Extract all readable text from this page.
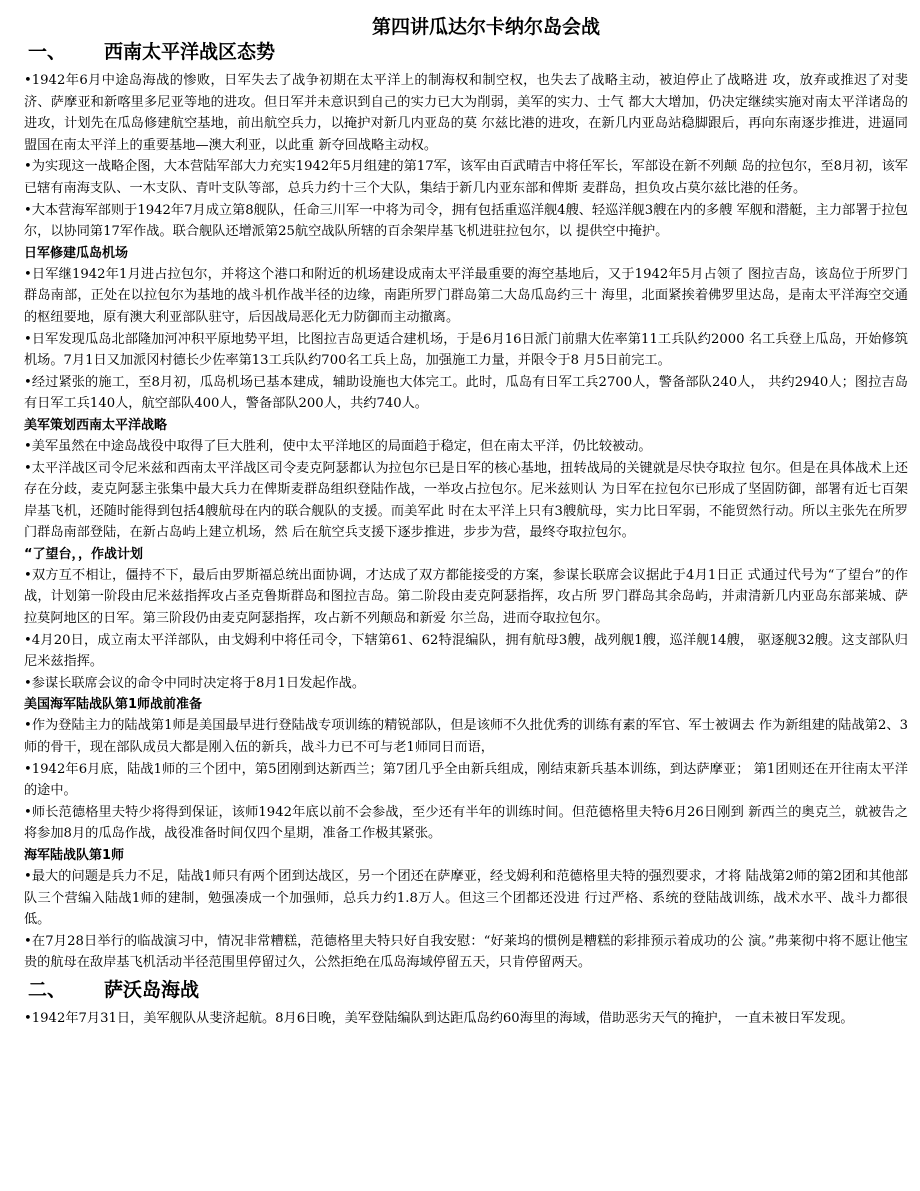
第四讲瓜达尔卡纳尔岛会战
一、	西南太平洋战区态势

•1942年6月中途岛海战的惨败，日军失去了战争初期在太平洋上的制海权和制空权，也失去了战略主动，被迫停止了战略进 攻，放弃或推迟了对斐济、萨摩亚和新喀里多尼亚等地的进攻。但日军并未意识到自己的实力已大为削弱，美军的实力、士气 都大大增加，仍决定继续实施对南太平洋诸岛的进攻，计划先在瓜岛修建航空基地，前出航空兵力，以掩护对新几内亚岛的莫 尔兹比港的进攻，在新几内亚岛站稳脚跟后，再向东南逐步推进，进逼同盟国在南太平洋上的重要基地—澳大利亚，以此重 新夺回战略主动权。

•为实现这一战略企图，大本营陆军部大力充实1942年5月组建的第17军，该军由百武晴吉中将任军长，军部设在新不列颠 岛的拉包尔，至8月初，该军已辖有南海支队、一木支队、青叶支队等部，总兵力约十三个大队，集结于新几内亚东部和俾斯 麦群岛，担负攻占莫尔兹比港的任务。

•大本营海军部则于1942年7月成立第8舰队，任命三川军一中将为司令，拥有包括重巡洋舰4艘、轻巡洋舰3艘在内的多艘 军舰和潜艇，主力部署于拉包尔，以协同第17军作战。联合舰队还增派第25航空战队所辖的百余架岸基飞机进驻拉包尔，以 提供空中掩护。

日军修建瓜岛机场

•日军继1942年1月进占拉包尔，并将这个港口和附近的机场建设成南太平洋最重要的海空基地后，又于1942年5月占领了 图拉吉岛，该岛位于所罗门群岛南部，正处在以拉包尔为基地的战斗机作战半径的边缘，南距所罗门群岛第二大岛瓜岛约三十 海里，北面紧挨着佛罗里达岛，是南太平洋海空交通的枢纽要地，原有澳大利亚部队驻守，后因战局恶化无力防御而主动撤离。

•日军发现瓜岛北部隆加河冲积平原地势平坦，比图拉吉岛更适合建机场，于是6月16日派门前鼎大佐率第11工兵队约2000 名工兵登上瓜岛，开始修筑机场。7月1日又加派冈村德长少佐率第13工兵队约700名工兵上岛，加强施工力量，并限令于8 月5日前完工。

•经过紧张的施工，至8月初，瓜岛机场已基本建成，辅助设施也大体完工。此时，瓜岛有日军工兵2700人，警备部队240人， 共约2940人；图拉吉岛有日军工兵140人，航空部队400人，警备部队200人，共约740人。

美军策划西南太平洋战略

•美军虽然在中途岛战役中取得了巨大胜利，使中太平洋地区的局面趋于稳定，但在南太平洋，仍比较被动。

•太平洋战区司令尼米兹和西南太平洋战区司令麦克阿瑟都认为拉包尔已是日军的核心基地，扭转战局的关键就是尽快夺取拉 包尔。但是在具体战术上还存在分歧，麦克阿瑟主张集中最大兵力在俾斯麦群岛组织登陆作战，一举攻占拉包尔。尼米兹则认 为日军在拉包尔已形成了坚固防御，部署有近七百架岸基飞机，还随时能得到包括4艘航母在内的联合舰队的支援。而美军此 时在太平洋上只有3艘航母，实力比日军弱，不能贸然行动。所以主张先在所罗门群岛南部登陆，在新占岛屿上建立机场，然 后在航空兵支援下逐步推进，步步为营，最终夺取拉包尔。

“了望台，，作战计划

•双方互不相让，僵持不下，最后由罗斯福总统出面协调，才达成了双方都能接受的方案，参谋长联席会议据此于4月1日正 式通过代号为“了望台”的作战，计划第一阶段由尼米兹指挥攻占圣克鲁斯群岛和图拉吉岛。第二阶段由麦克阿瑟指挥，攻占所 罗门群岛其余岛屿，并肃清新几内亚岛东部莱城、萨拉莫阿地区的日军。第三阶段仍由麦克阿瑟指挥，攻占新不列颠岛和新爱 尔兰岛，进而夺取拉包尔。

•4月20日，成立南太平洋部队，由戈姆利中将任司令，下辖第61、62特混编队，拥有航母3艘，战列舰1艘，巡洋舰14艘， 驱逐舰32艘。这支部队归尼米兹指挥。

•参谋长联席会议的命令中同时决定将于8月1日发起作战。

美国海军陆战队第1师战前准备

•作为登陆主力的陆战第1师是美国最早进行登陆战专项训练的精锐部队，但是该师不久批优秀的训练有素的军官、军士被调去 作为新组建的陆战第2、3师的骨干，现在部队成员大都是刚入伍的新兵，战斗力已不可与老1师同日而语，

•1942年6月底，陆战1师的三个团中，第5团刚到达新西兰；第7团几乎全由新兵组成，刚结束新兵基本训练，到达萨摩亚； 第1团则还在开往南太平洋的途中。

•师长范德格里夫特少将得到保证，该师1942年底以前不会参战，至少还有半年的训练时间。但范德格里夫特6月26日刚到 新西兰的奥克兰，就被告之将参加8月的瓜岛作战，战役准备时间仅四个星期，准备工作极其紧张。

海军陆战队第1师

•最大的问题是兵力不足，陆战1师只有两个团到达战区，另一个团还在萨摩亚，经戈姆利和范德格里夫特的强烈要求，才将 陆战第2师的第2团和其他部队三个营编入陆战1师的建制，勉强凑成一个加强师，总兵力约1.8万人。但这三个团都还没进 行过严格、系统的登陆战训练，战术水平、战斗力都很低。

•在7月28日举行的临战演习中，情况非常糟糕，范德格里夫特只好自我安慰：“好莱坞的惯例是糟糕的彩排预示着成功的公 演。”弗莱彻中将不愿让他宝贵的航母在敌岸基飞机活动半径范围里停留过久，公然拒绝在瓜岛海域停留五天，只肯停留两天。

二、	萨沃岛海战

•1942年7月31日，美军舰队从斐济起航。8月6日晚，美军登陆编队到达距瓜岛约60海里的海域，借助恶劣天气的掩护， 一直未被日军发现。
